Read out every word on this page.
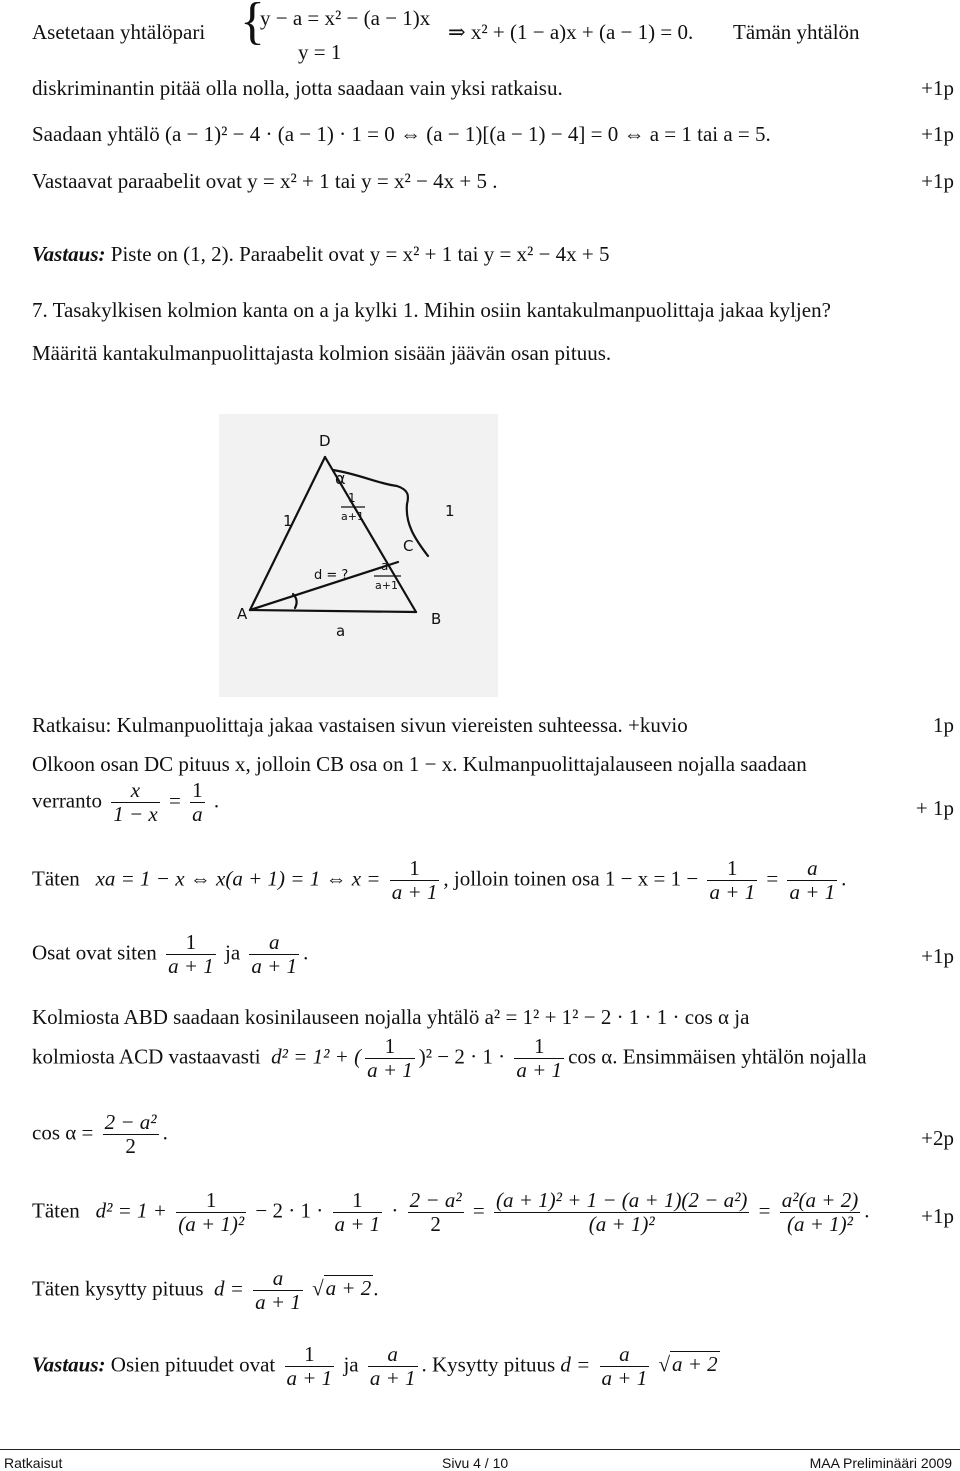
Asetetaan yhtälöpari {
y − a = x² − (a − 1)x
y = 1
⇒ x² + (1 − a)x + (a − 1) = 0. Tämän yhtälön
diskriminantin pitää olla nolla, jotta saadaan vain yksi ratkaisu.	+1p
Saadaan yhtälö (a − 1)² − 4 · (a − 1) · 1 = 0 ⇔ (a − 1)[(a − 1) − 4] = 0 ⇔ a = 1 tai a = 5.	+1p
Vastaavat paraabelit ovat y = x² + 1 tai y = x² − 4x + 5 .	+1p
Vastaus: Piste on (1, 2). Paraabelit ovat y = x² + 1 tai y = x² − 4x + 5
7. Tasakylkisen kolmion kanta on a ja kylki 1. Mihin osiin kantakulmanpuolittaja jakaa kyljen?
Määritä kantakulmanpuolittajasta kolmion sisään jäävän osan pituus.
D
A	B
C
α
1
1
1
a+1
a
a+1
d = ?
a
Ratkaisu: Kulmanpuolittaja jakaa vastaisen sivun viereisten suhteessa. +kuvio	1p
Olkoon osan DC pituus x, jolloin CB osa on 1 − x. Kulmanpuolittajalauseen nojalla saadaan
verranto $\frac{x}{1 - x} = \frac{1}{a}$ .	+ 1p
Täten xa = 1 − x ⇔ x(a + 1) = 1 ⇔ $x = \frac{1}{a + 1}$ , jolloin toinen osa $1 - x = 1 - \frac{1}{a + 1} = \frac{a}{a + 1}$ .
Osat ovat siten $\frac{1}{a + 1}$ ja $\frac{a}{a + 1}$ .	+1p
Kolmiosta ABD saadaan kosinilauseen nojalla yhtälö a² = 1² + 1² − 2 · 1 · 1 · cos α ja
kolmiosta ACD vastaavasti d² = 1² + ( $\frac{1}{a + 1} )^2 - 2 \cdot 1 \cdot \frac{1}{a + 1}$ cos α. Ensimmäisen yhtälön nojalla
$\cos \alpha = \frac{\text{2 − a²}}{2}$ .	+2p
Täten $d^2 = 1 + \frac{1}{\text{(a + 1)²}} - 2 \cdot 1 \cdot \frac{1}{a + 1} \cdot \frac{\text{2 − a²}}{2} = \frac{\text{(a + 1)² + 1 − (a + 1)(2 − a²)}}{\text{(a + 1)²}} = \frac{\text{a²(a + 2)}}{\text{(a + 1)²}}$ . +1p
Täten kysytty pituus $d = \frac{a}{a + 1} √a + 2$.
Vastaus: Osien pituudet ovat $\frac{1}{a + 1}$ ja $\frac{a}{a + 1}$ . Kysytty pituus $d = \frac{a}{a + 1} √a + 2$
Ratkaisut	Sivu 4 / 10	MAA Preliminääri 2009
